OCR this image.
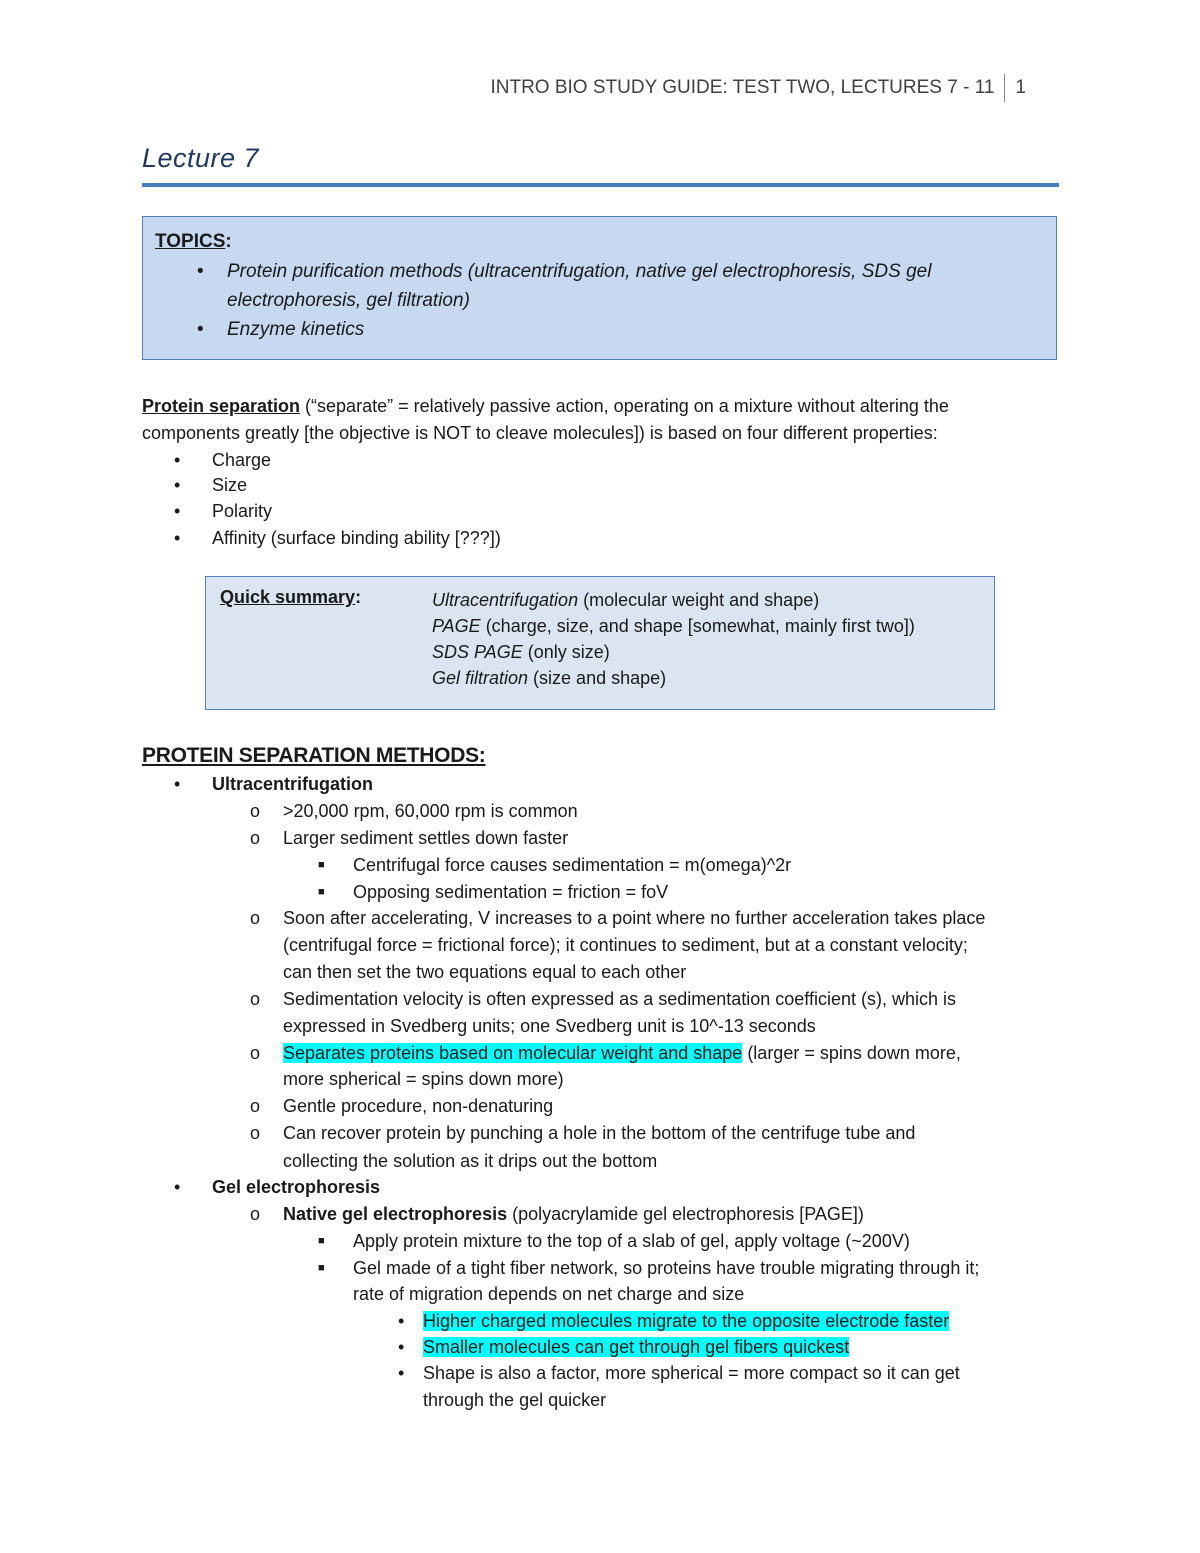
INTRO BIO STUDY GUIDE: TEST TWO, LECTURES 7 - 11 1
Lecture 7
TOPICS:
• Protein purification methods (ultracentrifugation, native gel electrophoresis, SDS gel electrophoresis, gel filtration)
• Enzyme kinetics
Protein separation (“separate” = relatively passive action, operating on a mixture without altering the
components greatly [the objective is NOT to cleave molecules]) is based on four different properties:
• Charge
• Size
• Polarity
• Affinity (surface binding ability [???])
Quick summary:	Ultracentrifugation (molecular weight and shape)
PAGE (charge, size, and shape [somewhat, mainly first two])
SDS PAGE (only size)
Gel filtration (size and shape)
PROTEIN SEPARATION METHODS:
• Ultracentrifugation
o >20,000 rpm, 60,000 rpm is common
o Larger sediment settles down faster
■ Centrifugal force causes sedimentation = m(omega)^2r
■ Opposing sedimentation = friction = foV
o Soon after accelerating, V increases to a point where no further acceleration takes place
(centrifugal force = frictional force); it continues to sediment, but at a constant velocity;
can then set the two equations equal to each other
o Sedimentation velocity is often expressed as a sedimentation coefficient (s), which is
expressed in Svedberg units; one Svedberg unit is 10^-13 seconds
o Separates proteins based on molecular weight and shape (larger = spins down more,
more spherical = spins down more)
o Gentle procedure, non-denaturing
o Can recover protein by punching a hole in the bottom of the centrifuge tube and
collecting the solution as it drips out the bottom
• Gel electrophoresis
o Native gel electrophoresis (polyacrylamide gel electrophoresis [PAGE])
■ Apply protein mixture to the top of a slab of gel, apply voltage (~200V)
■ Gel made of a tight fiber network, so proteins have trouble migrating through it;
rate of migration depends on net charge and size
• Higher charged molecules migrate to the opposite electrode faster
• Smaller molecules can get through gel fibers quickest
• Shape is also a factor, more spherical = more compact so it can get
through the gel quicker
